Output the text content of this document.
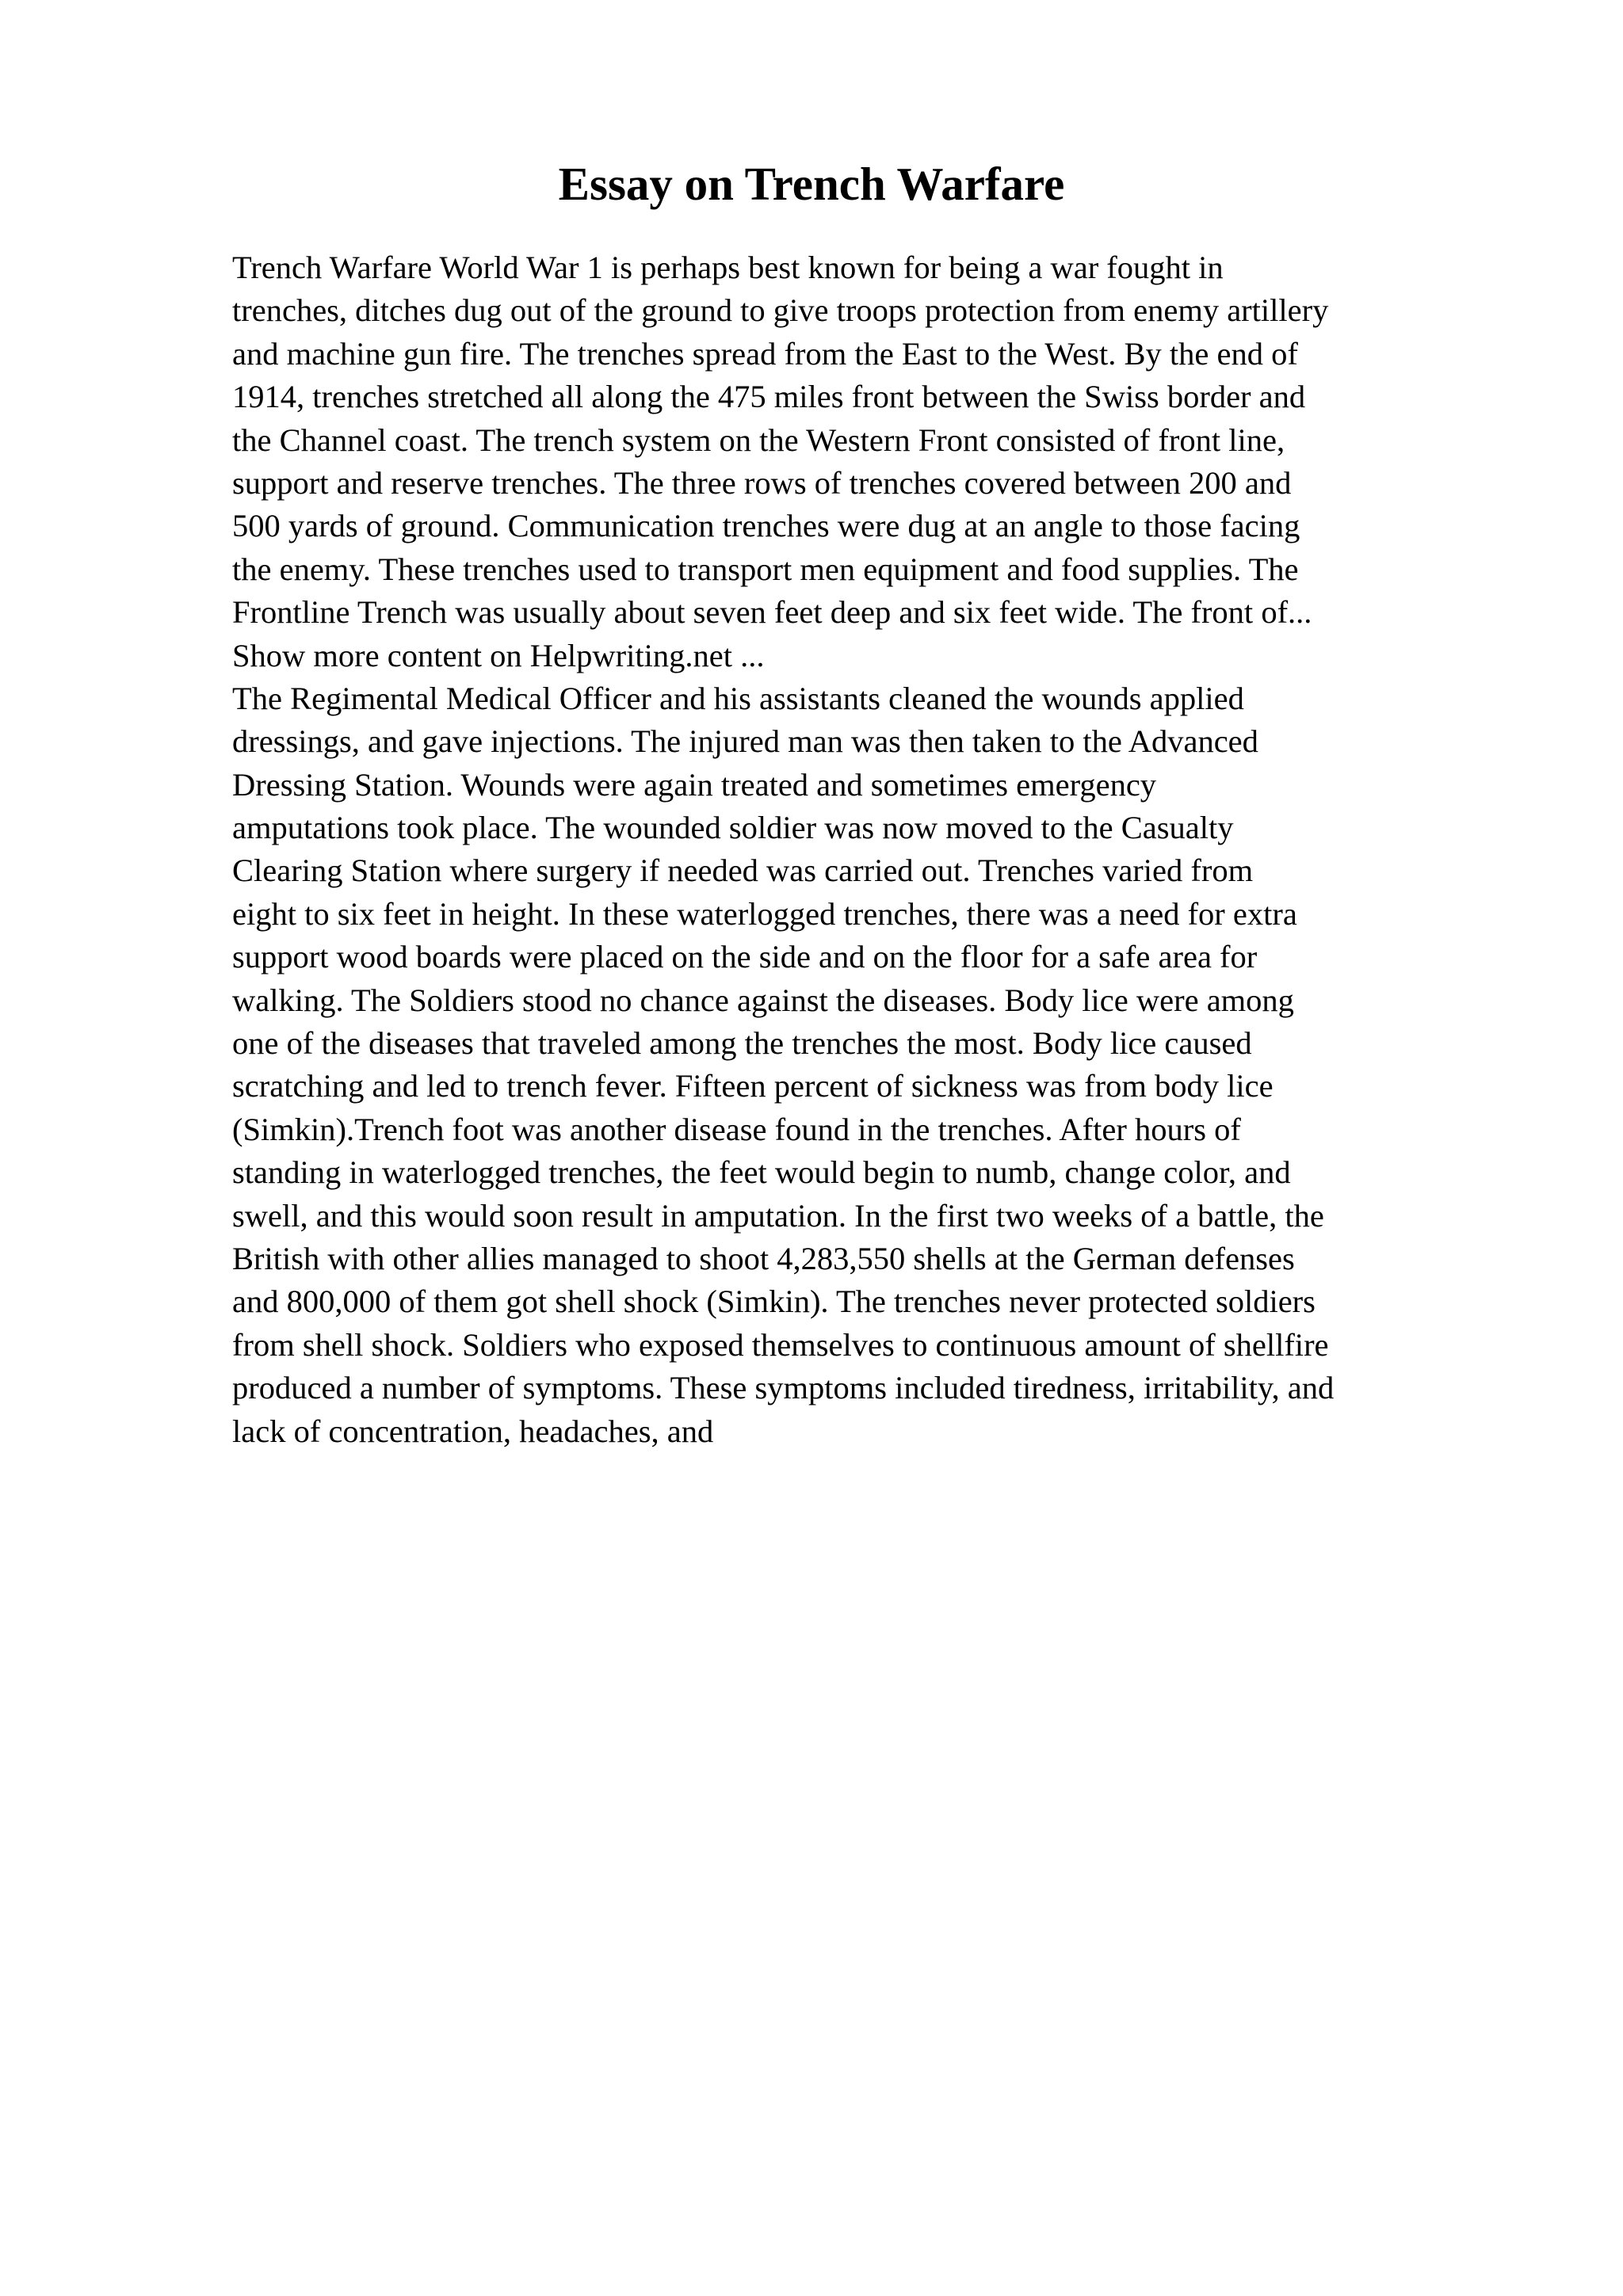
Essay on Trench Warfare
Trench Warfare World War 1 is perhaps best known for being a war fought in
trenches, ditches dug out of the ground to give troops protection from enemy artillery
and machine gun fire. The trenches spread from the East to the West. By the end of
1914, trenches stretched all along the 475 miles front between the Swiss border and
the Channel coast. The trench system on the Western Front consisted of front line,
support and reserve trenches. The three rows of trenches covered between 200 and
500 yards of ground. Communication trenches were dug at an angle to those facing
the enemy. These trenches used to transport men equipment and food supplies. The
Frontline Trench was usually about seven feet deep and six feet wide. The front of...
Show more content on Helpwriting.net ...
The Regimental Medical Officer and his assistants cleaned the wounds applied
dressings, and gave injections. The injured man was then taken to the Advanced
Dressing Station. Wounds were again treated and sometimes emergency
amputations took place. The wounded soldier was now moved to the Casualty
Clearing Station where surgery if needed was carried out. Trenches varied from
eight to six feet in height. In these waterlogged trenches, there was a need for extra
support wood boards were placed on the side and on the floor for a safe area for
walking. The Soldiers stood no chance against the diseases. Body lice were among
one of the diseases that traveled among the trenches the most. Body lice caused
scratching and led to trench fever. Fifteen percent of sickness was from body lice
(Simkin).Trench foot was another disease found in the trenches. After hours of
standing in waterlogged trenches, the feet would begin to numb, change color, and
swell, and this would soon result in amputation. In the first two weeks of a battle, the
British with other allies managed to shoot 4,283,550 shells at the German defenses
and 800,000 of them got shell shock (Simkin). The trenches never protected soldiers
from shell shock. Soldiers who exposed themselves to continuous amount of shellfire
produced a number of symptoms. These symptoms included tiredness, irritability, and
lack of concentration, headaches, and
